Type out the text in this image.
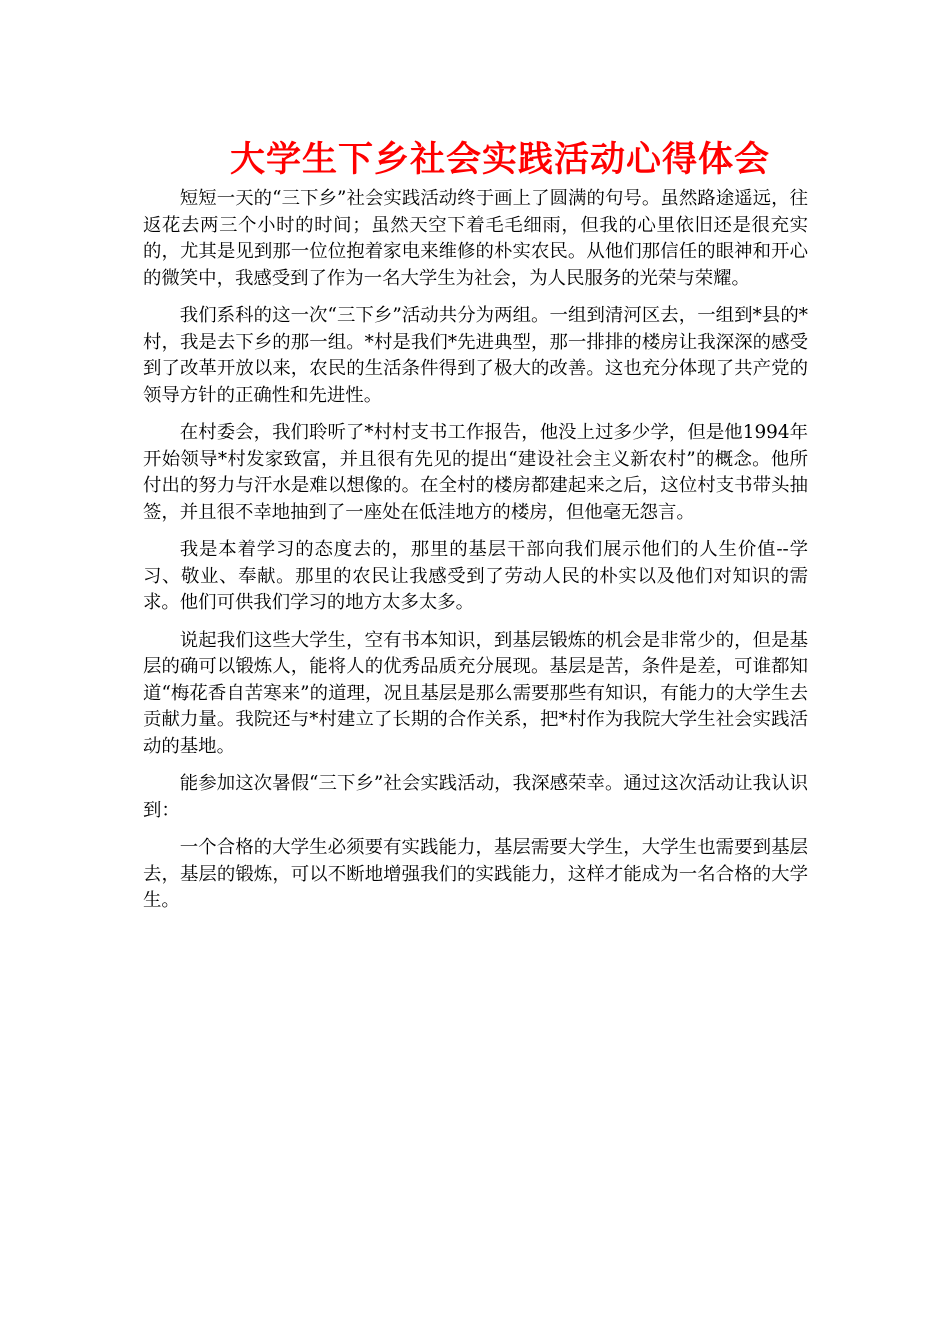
大学生下乡社会实践活动心得体会

短短一天的“三下乡”社会实践活动终于画上了圆满的句号。虽然路途遥远，往返花去两三个小时的时间；虽然天空下着毛毛细雨，但我的心里依旧还是很充实的，尤其是见到那一位位抱着家电来维修的朴实农民。从他们那信任的眼神和开心的微笑中，我感受到了作为一名大学生为社会，为人民服务的光荣与荣耀。

我们系科的这一次“三下乡”活动共分为两组。一组到清河区去，一组到*县的*村，我是去下乡的那一组。*村是我们*先进典型，那一排排的楼房让我深深的感受到了改革开放以来，农民的生活条件得到了极大的改善。这也充分体现了共产党的领导方针的正确性和先进性。

在村委会，我们聆听了*村村支书工作报告，他没上过多少学，但是他1994年开始领导*村发家致富，并且很有先见的提出“建设社会主义新农村”的概念。他所付出的努力与汗水是难以想像的。在全村的楼房都建起来之后，这位村支书带头抽签，并且很不幸地抽到了一座处在低洼地方的楼房，但他毫无怨言。

我是本着学习的态度去的，那里的基层干部向我们展示他们的人生价值--学习、敬业、奉献。那里的农民让我感受到了劳动人民的朴实以及他们对知识的需求。他们可供我们学习的地方太多太多。

说起我们这些大学生，空有书本知识，到基层锻炼的机会是非常少的，但是基层的确可以锻炼人，能将人的优秀品质充分展现。基层是苦，条件是差，可谁都知道“梅花香自苦寒来”的道理，况且基层是那么需要那些有知识，有能力的大学生去贡献力量。我院还与*村建立了长期的合作关系，把*村作为我院大学生社会实践活动的基地。

能参加这次暑假“三下乡”社会实践活动，我深感荣幸。通过这次活动让我认识到：

一个合格的大学生必须要有实践能力，基层需要大学生，大学生也需要到基层去，基层的锻炼，可以不断地增强我们的实践能力，这样才能成为一名合格的大学生。
